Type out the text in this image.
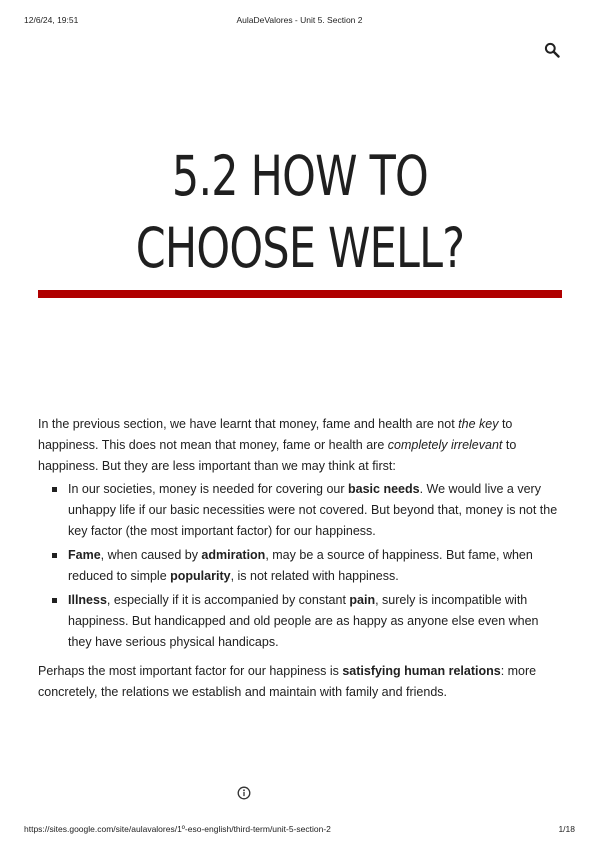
12/6/24, 19:51	AulaDeValores - Unit 5. Section 2
5.2 HOW TO CHOOSE WELL?

In the previous section, we have learnt that money, fame and health are not the key to happiness. This does not mean that money, fame or health are completely irrelevant to happiness. But they are less important than we may think at first:

In our societies, money is needed for covering our basic needs. We would live a very unhappy life if our basic necessities were not covered. But beyond that, money is not the key factor (the most important factor) for our happiness.
Fame, when caused by admiration, may be a source of happiness. But fame, when reduced to simple popularity, is not related with happiness.
Illness, especially if it is accompanied by constant pain, surely is incompatible with happiness. But handicapped and old people are as happy as anyone else even when they have serious physical handicaps.

Perhaps the most important factor for our happiness is satisfying human relations: more concretely, the relations we establish and maintain with family and friends.

https://sites.google.com/site/aulavalores/1º-eso-english/third-term/unit-5-section-2	1/18
